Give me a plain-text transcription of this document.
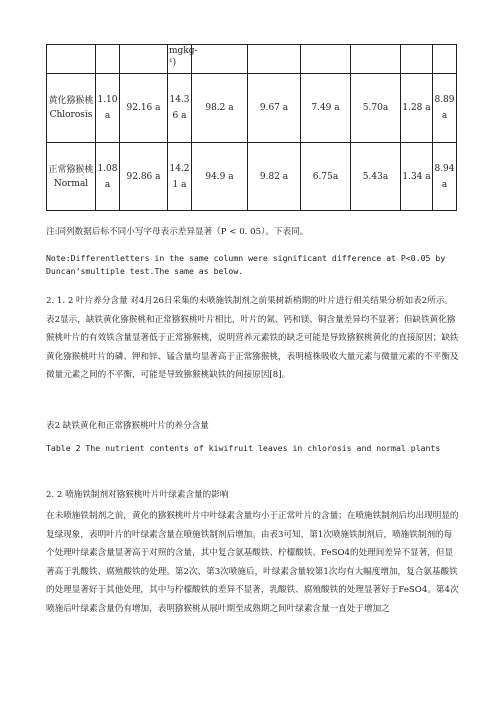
			mgkg-¹)						
黄化猕猴桃
Chlorosis	1.10 a	92.16 a	14.36 a	98.2 a	9.67 a	7.49 a	5.70a	1.28 a	8.89 a
正常猕猴桃
Normal	1.08 a	92.86 a	14.21 a	94.9 a	9.82 a	6.75a	5.43a	1.34 a	8.94 a
注:同列数据后标不同小写字母表示差异显著（P < 0. 05）。下表同。
Note:Differentletters in the same column were significant difference at P<0.05 by Duncan’smultiple test.The same as below.

2. 1. 2 叶片养分含量 对4月26日采集的未喷施铁制剂之前果树新梢期的叶片进行相关结果分析如表2所示。表2显示，缺铁黄化猕猴桃和正常猕猴桃叶片相比，叶片的氮、钙和镁、铜含量差异均不显著；但缺铁黄化猕猴桃叶片的有效铁含量显著低于正常猕猴桃，说明营养元素铁的缺乏可能是导致猕猴桃黄化的直接原因；缺铁黄化猕猴桃叶片的磷、钾和锌、锰含量均显著高于正常猕猴桃，表明植株吸收大量元素与微量元素的不平衡及微量元素之间的不平衡，可能是导致猕猴桃缺铁的间接原因[8]。

表2 缺铁黄化和正常猕猴桃叶片的养分含量
Table 2 The nutrient contents of kiwifruit leaves in chlorosis and normal plants
2. 2 喷施铁制剂对猕猴桃叶片叶绿素含量的影响

在未喷施铁制剂之前，黄化的猕猴桃叶片中叶绿素含量均小于正常叶片的含量；在喷施铁制剂后均出现明显的复绿现象，表明叶片的叶绿素含量在喷施铁制剂后增加。由表3可知，第1次喷施铁制剂后，喷施铁制剂的每个处理叶绿素含量显著高于对照的含量，其中复合氨基酸铁、柠檬酸铁、FeSO4的处理间差异不显著，但显著高于乳酸铁、腐殖酸铁的处理。第2次、第3次喷施后，叶绿素含量较第1次均有大幅度增加，复合氨基酸铁的处理显著好于其他处理，其中与柠檬酸铁的差异不显著，乳酸铁、腐殖酸铁的处理显著好于FeSO4。第4次喷施后叶绿素含量仍有增加，表明猕猴桃从展叶期至成熟期之间叶绿素含量一直处于增加之
